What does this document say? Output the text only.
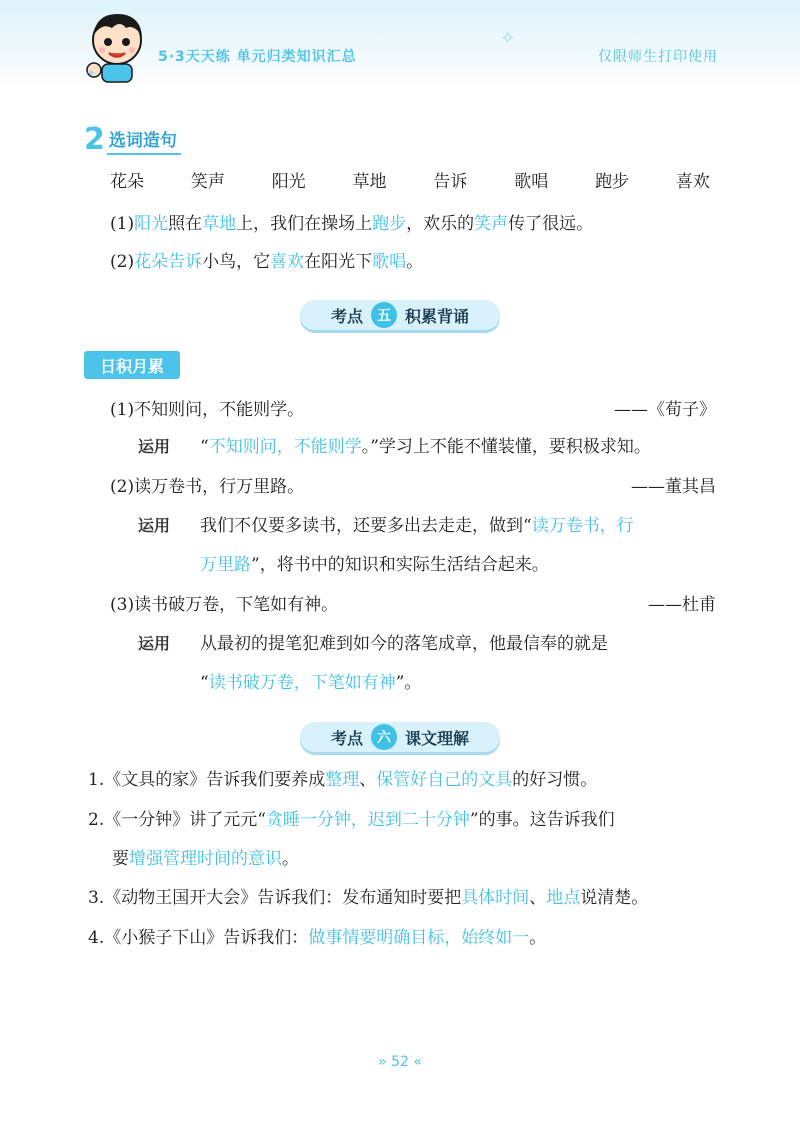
✦
✧
5·3天天练 单元归类知识汇总	仅限师生打印使用
2 选词造句
花朵	笑声	阳光	草地	告诉	歌唱	跑步	喜欢
(1)阳光照在草地上，我们在操场上跑步，欢乐的笑声传了很远。
(2)花朵告诉小鸟，它喜欢在阳光下歌唱。
考点	五 积累背诵
日积月累
(1)不知则问，不能则学。	——《荀子》
运用 “不知则问，不能则学。”学习上不能不懂装懂，要积极求知。
(2)读万卷书，行万里路。	——董其昌
运用 我们不仅要多读书，还要多出去走走，做到“读万卷书，行
万里路”，将书中的知识和实际生活结合起来。
(3)读书破万卷，下笔如有神。	——杜甫
运用 从最初的提笔犯难到如今的落笔成章，他最信奉的就是
“读书破万卷，下笔如有神”。
考点	六 课文理解
1.《文具的家》告诉我们要养成整理、保管好自己的文具的好习惯。
2.《一分钟》讲了元元“贪睡一分钟，迟到二十分钟”的事。这告诉我们
要增强管理时间的意识。
3.《动物王国开大会》告诉我们：发布通知时要把具体时间、地点说清楚。
4.《小猴子下山》告诉我们：做事情要明确目标，始终如一。
» 52 «
